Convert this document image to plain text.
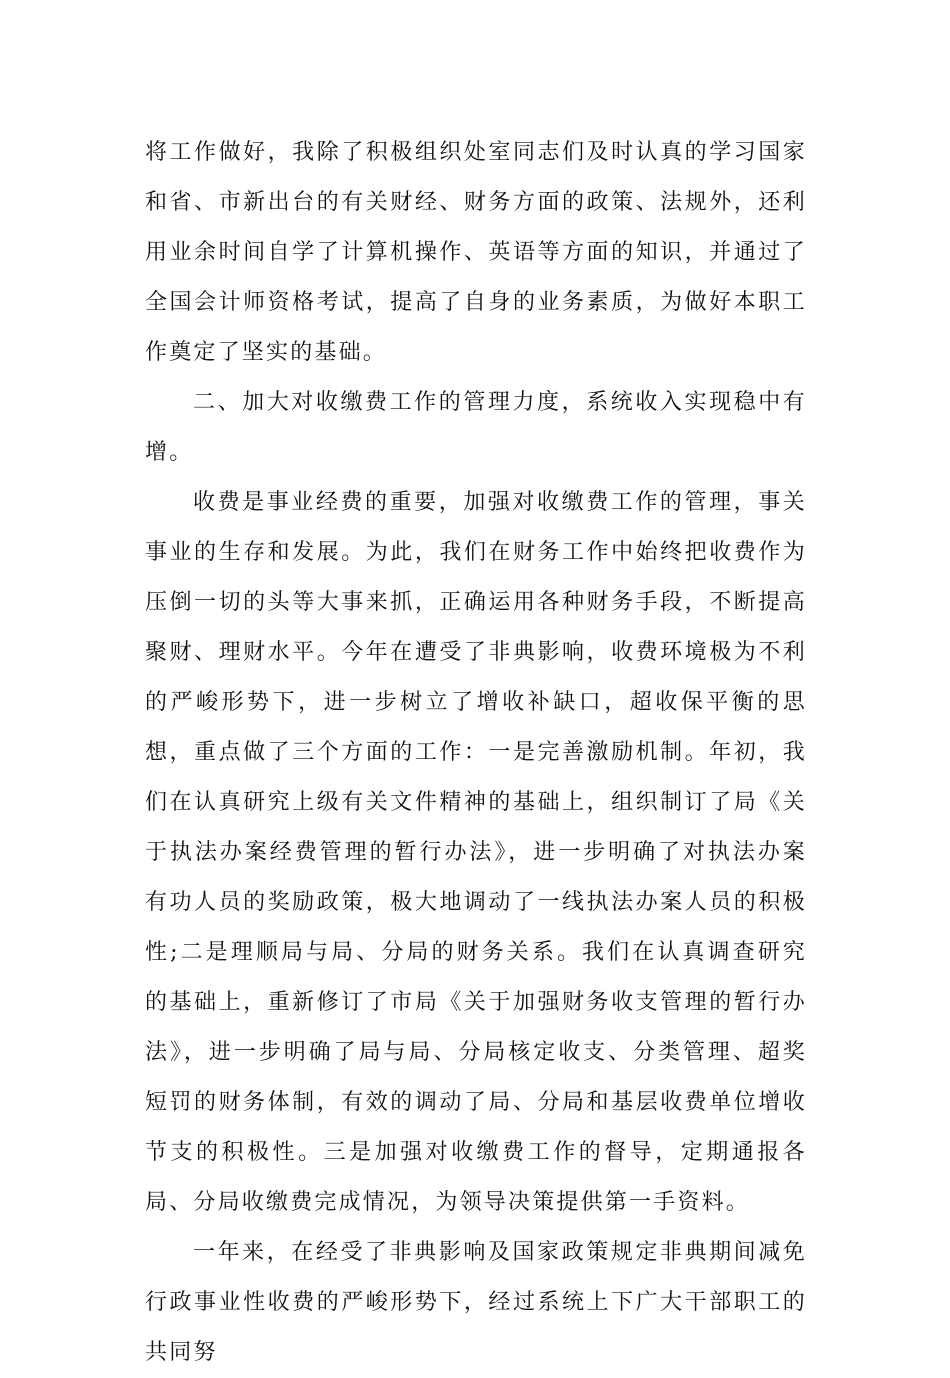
将工作做好，我除了积极组织处室同志们及时认真的学习国家和省、市新出台的有关财经、财务方面的政策、法规外，还利用业余时间自学了计算机操作、英语等方面的知识，并通过了全国会计师资格考试，提高了自身的业务素质，为做好本职工作奠定了坚实的基础。

二、加大对收缴费工作的管理力度，系统收入实现稳中有增。

收费是事业经费的重要，加强对收缴费工作的管理，事关事业的生存和发展。为此，我们在财务工作中始终把收费作为压倒一切的头等大事来抓，正确运用各种财务手段，不断提高聚财、理财水平。今年在遭受了非典影响，收费环境极为不利的严峻形势下，进一步树立了增收补缺口，超收保平衡的思想，重点做了三个方面的工作：一是完善激励机制。年初，我们在认真研究上级有关文件精神的基础上，组织制订了局《关于执法办案经费管理的暂行办法》，进一步明确了对执法办案有功人员的奖励政策，极大地调动了一线执法办案人员的积极性;二是理顺局与局、分局的财务关系。我们在认真调查研究的基础上，重新修订了市局《关于加强财务收支管理的暂行办法》，进一步明确了局与局、分局核定收支、分类管理、超奖短罚的财务体制，有效的调动了局、分局和基层收费单位增收节支的积极性。三是加强对收缴费工作的督导，定期通报各局、分局收缴费完成情况，为领导决策提供第一手资料。

一年来，在经受了非典影响及国家政策规定非典期间减免行政事业性收费的严峻形势下，经过系统上下广大干部职工的共同努
